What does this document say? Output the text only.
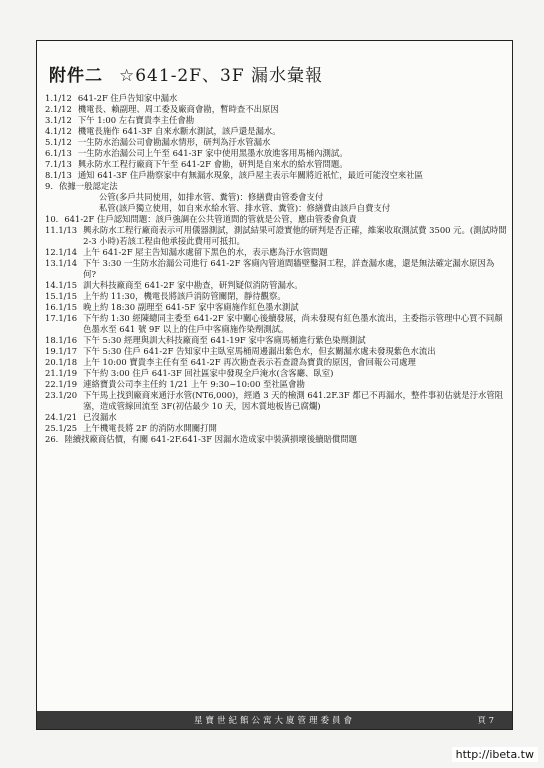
附件二 ☆641-2F、3F 漏水彙報
1.1/12 641-2F 住戶告知家中漏水
2.1/12 機電長、賴副理、周工委及廠商會勘，暫時查不出原因
3.1/12 下午 1:00 左右寶貴李主任會勘
4.1/12 機電長施作 641-3F 自來水斷水測試，該戶還是漏水。
5.1/12 一生防水治漏公司會勘漏水情形，研判為汙水管漏水
6.1/13 一生防水治漏公司上午至 641-3F 家中使用黑墨水放進客用馬桶內測試。
7.1/13 興永防水工程行廠商下午至 641-2F 會勘，研判是自來水的給水管問題。
8.1/13 通知 641-3F 住戶勘察家中有無漏水現象，該戶屋主表示年關將近祇忙，最近可能沒空來社區
9. 依據一般認定法
公管(多戶共同使用，如排水管、糞管)：修繕費由管委會支付
私管(該戶獨立使用，如自來水給水管、排水管、糞管)：修繕費由該戶自費支付
10. 641-2F 住戶認知問題：該戶強調在公共管道間的管就是公管，應由管委會負責
11.1/13 興永防水工程行廠商表示可用儀器測試，測試結果可證實他的研判是否正確，維案收取測試費 3500 元。(測試時間 2-3 小時)若該工程由他承接此費用可抵扣。
12.1/14 上午 641-2F 屋主告知漏水處留下黑色的水，表示應為汙水管問題
13.1/14 下午 3:30 一生防水治漏公司進行 641-2F 客廁內管道間牆壁鑿洞工程，詳查漏水處，還是無法確定漏水原因為何?
14.1/15 訓大科技廠商至 641-2F 家中勘查，研判疑似消防管漏水。
15.1/15 上午約 11:30，機電長將該戶消防管關閉，靜待觀察。
16.1/15 晚上約 18:30 副理至 641-5F 家中客廁施作紅色墨水測試
17.1/16 下午約 1:30 經陳總同主委至 641-2F 家中關心後續發展，尚未發現有紅色墨水流出，主委指示管理中心買不同顏色墨水至 641 號 9F 以上的住戶中客廁施作染劑測試。
18.1/16 下午 5:30 經理與訓大科技廠商至 641-19F 家中客廁馬桶進行紫色染劑測試
19.1/17 下午 5:30 住戶 641-2F 告知家中主臥室馬桶周邊漏出紫色水，但玄關漏水處未發現紫色水流出
20.1/18 上午 10:00 寶貴李主任有至 641-2F 再次勘查表示若查證為寶貴的原因，會回報公司處理
21.1/19 下午約 3:00 住戶 641-3F 回社區家中發現全戶淹水(含客廳、臥室)
22.1/19 連絡寶貴公司李主任約 1/21 上午 9:30~10:00 至社區會勘
23.1/20 下午馬上找到廠商來通汙水管(NT6,000)，經過 3 天的檢測 641.2F.3F 都已不再漏水，整件事初估就是汙水管阻塞，造成管線回流至 3F(初估最少 10 天，因木質地板皆已腐爛)
24.1/21 已沒漏水
25.1/25 上午機電長將 2F 的消防水開關打開
26. 陸續找廠商估價，有關 641-2F.641-3F 因漏水造成家中裝潢損壞後續賠償問題
星寶世紀館公寓大廈管理委員會	頁 7
http://ibeta.tw
